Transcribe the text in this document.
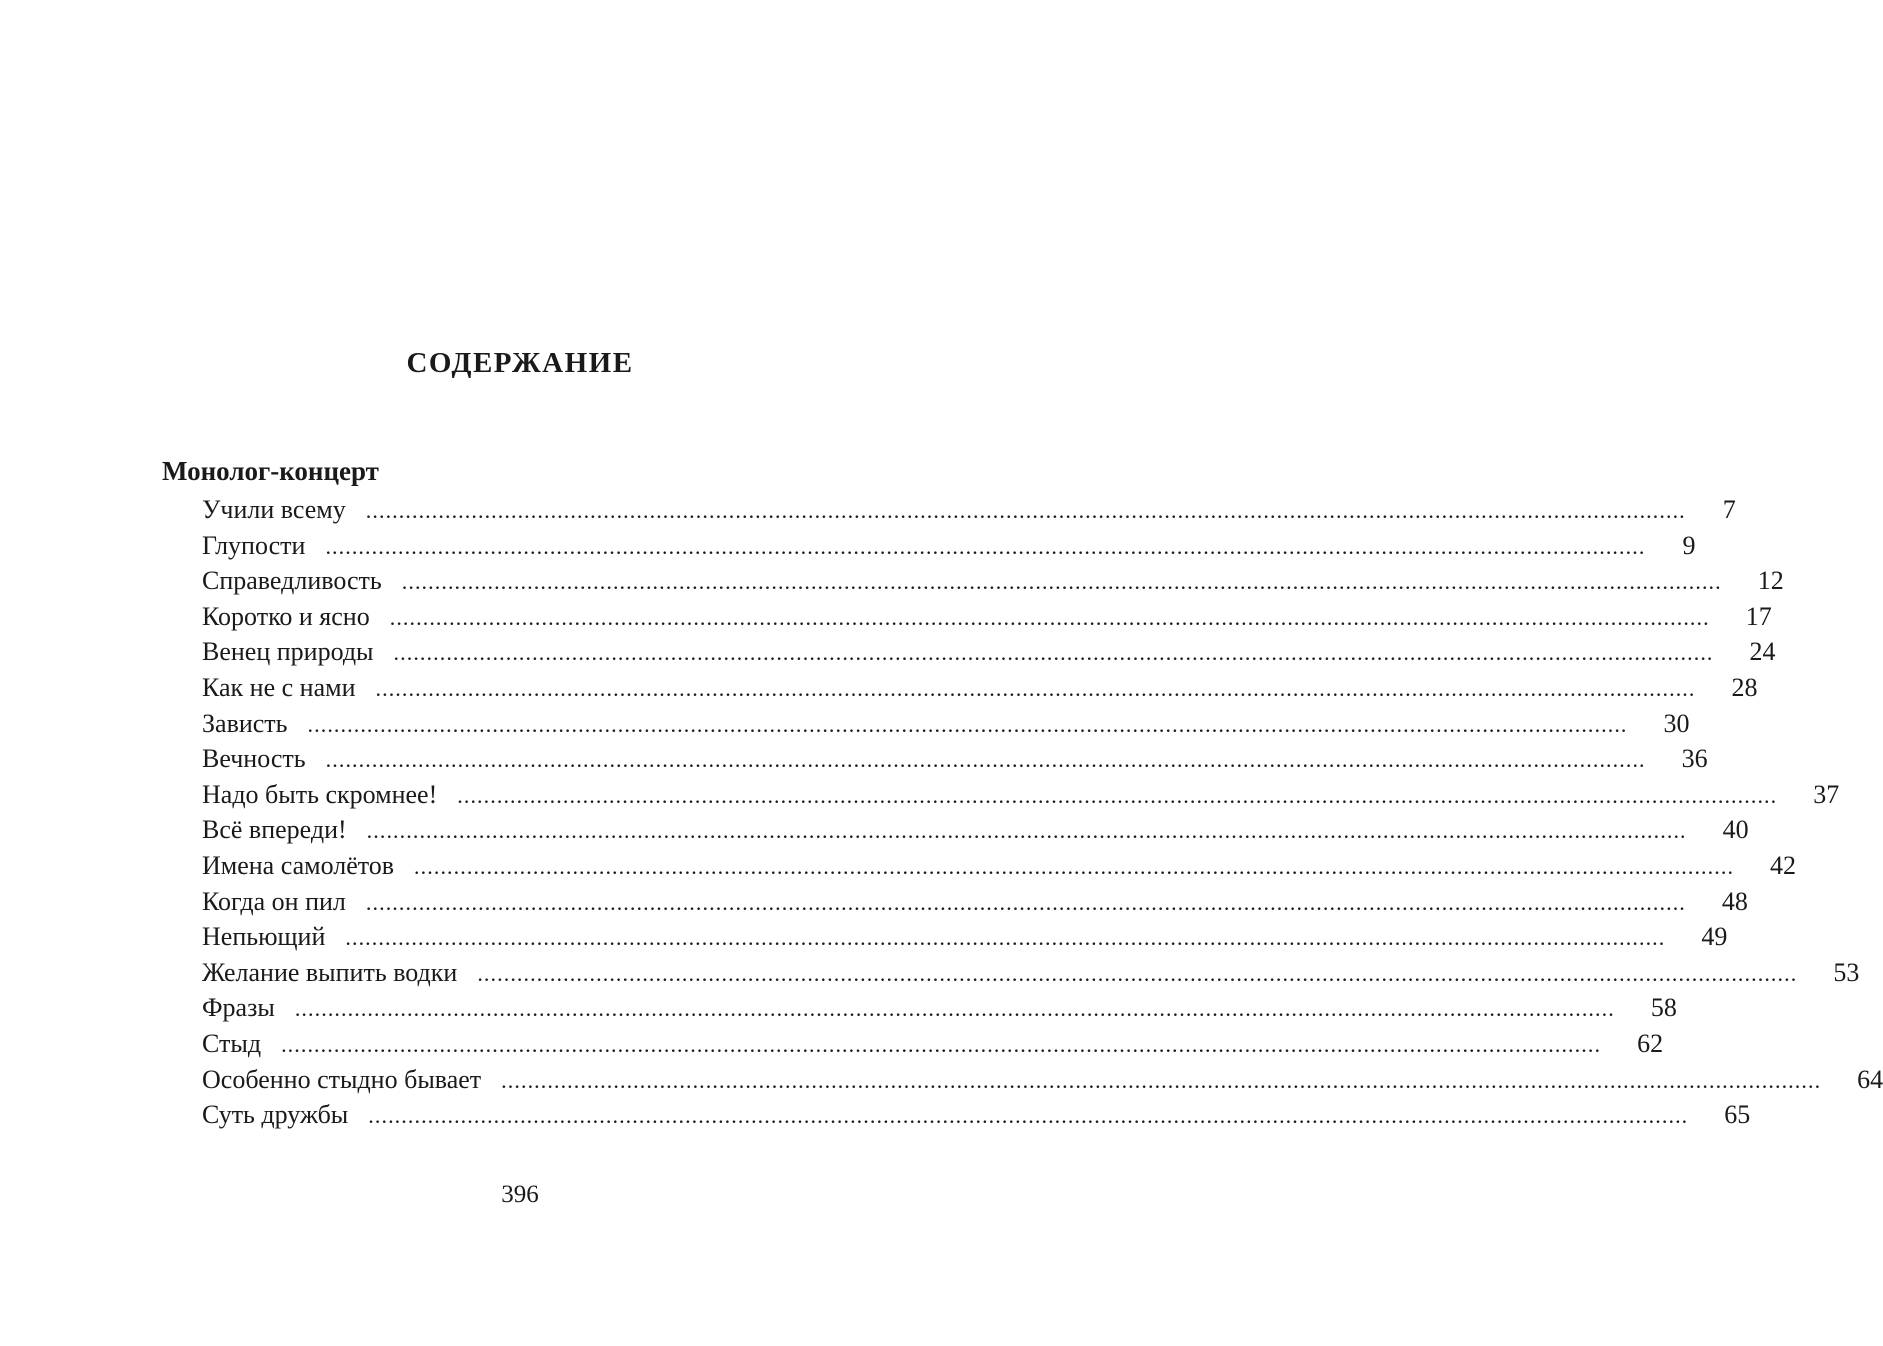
СОДЕРЖАНИЕ
Монолог-концерт
Учили всему ........................................................................................................................................................................................................ 7
Глупости ........................................................................................................................................................................................................ 9
Справедливость ........................................................................................................................................................................................................ 12
Коротко и ясно ........................................................................................................................................................................................................ 17
Венец природы ........................................................................................................................................................................................................ 24
Как не с нами ........................................................................................................................................................................................................ 28
Зависть ........................................................................................................................................................................................................ 30
Вечность ........................................................................................................................................................................................................ 36
Надо быть скромнее! ........................................................................................................................................................................................................ 37
Всё впереди! ........................................................................................................................................................................................................ 40
Имена самолётов ........................................................................................................................................................................................................ 42
Когда он пил ........................................................................................................................................................................................................ 48
Непьющий ........................................................................................................................................................................................................ 49
Желание выпить водки ........................................................................................................................................................................................................ 53
Фразы ........................................................................................................................................................................................................ 58
Стыд ........................................................................................................................................................................................................ 62
Особенно стыдно бывает ........................................................................................................................................................................................................ 64
Суть дружбы ........................................................................................................................................................................................................ 65
396
